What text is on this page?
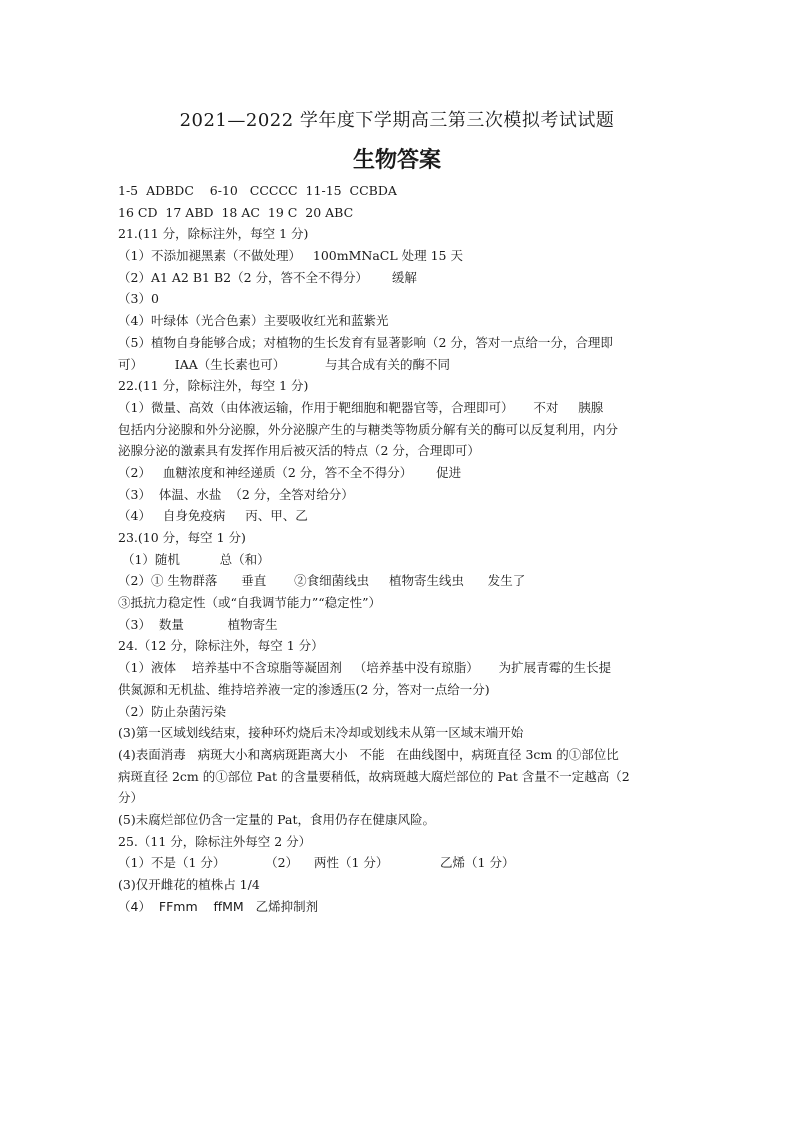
2021—2022 学年度下学期高三第三次模拟考试试题
生物答案
1-5  ADBDC    6-10   CCCCC  11-15  CCBDA
16 CD  17 ABD  18 AC  19 C  20 ABC
21.(11 分，除标注外，每空 1 分)
（1）不添加褪黑素（不做处理）   100mMNaCL 处理 15 天
（2）A1 A2 B1 B2（2 分，答不全不得分）      缓解
（3）0
（4）叶绿体（光合色素）主要吸收红光和蓝紫光
（5）植物自身能够合成；对植物的生长发育有显著影响（2 分，答对一点给一分，合理即
可）        IAA（生长素也可）          与其合成有关的酶不同
22.(11 分，除标注外，每空 1 分)
（1）微量、高效（由体液运输，作用于靶细胞和靶器官等，合理即可）     不对     胰腺
包括内分泌腺和外分泌腺，外分泌腺产生的与糖类等物质分解有关的酶可以反复利用，内分
泌腺分泌的激素具有发挥作用后被灭活的特点（2 分，合理即可）
（2）   血糖浓度和神经递质（2 分，答不全不得分）      促进
（3）  体温、水盐  （2 分，全答对给分）
（4）   自身免疫病     丙、甲、乙
23.(10 分，每空 1 分)
（1）随机          总（和）
（2）① 生物群落      垂直       ②食细菌线虫     植物寄生线虫      发生了
③抵抗力稳定性（或“自我调节能力”“稳定性”）
（3）  数量           植物寄生
24.（12 分，除标注外，每空 1 分）
（1）液体    培养基中不含琼脂等凝固剂   （培养基中没有琼脂）     为扩展青霉的生长提
供氮源和无机盐、维持培养液一定的渗透压(2 分，答对一点给一分)
（2）防止杂菌污染
(3)第一区域划线结束，接种环灼烧后未冷却或划线未从第一区域末端开始
(4)表面消毒   病斑大小和离病斑距离大小   不能   在曲线图中，病斑直径 3cm 的①部位比
病斑直径 2cm 的①部位 Pat 的含量要稍低，故病斑越大腐烂部位的 Pat 含量不一定越高（2
分）
(5)未腐烂部位仍含一定量的 Pat，食用仍存在健康风险。
25.（11 分，除标注外每空 2 分）
（1）不是（1 分）          （2）    两性（1 分）             乙烯（1 分）
(3)仅开雌花的植株占 1/4
（4）  FFmm    ffMM   乙烯抑制剂
